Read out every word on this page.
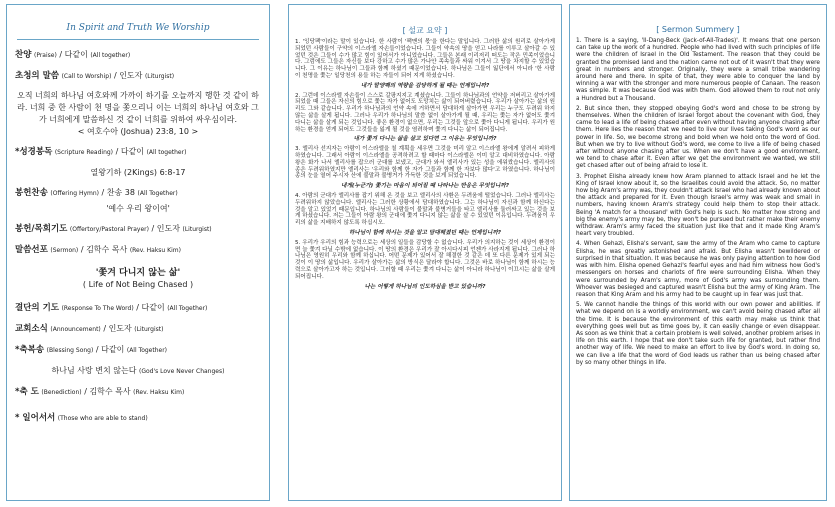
In Spirit and Truth We Worship
찬양 (Praise) / 다같이 (All together)
초청의 말씀 (Call to Worship) / 인도자 (Liturgist)
오직 너희의 하나님 여호와께 가까이 하기를 오늘까지 행한 것 같이 하라. 너희 중 한 사람이 천 명을 쫓으리니 이는 너희의 하나님 여호와 그가 너희에게 말씀하신 것 같이 너희를 위하여 싸우심이라.
< 여호수아 (Joshua) 23:8, 10 >
*성경봉독 (Scripture Reading) / 다같이 (All together)
열왕기하 (2Kings) 6:8-17
봉헌찬송 (Offering Hymn) / 찬송 38 (All Together)
'예수 우리 왕이여'
봉헌/목회기도 (Offertory/Pastoral Prayer) / 인도자 (Liturgist)
말씀선포 (Sermon) / 김학수 목사 (Rev. Haksu Kim)
'쫓겨 다니지 않는 삶'
( Life of Not Being Chased )
결단의 기도 (Response To The Word) / 다같이 (All Together)
교회소식 (Announcement) / 인도자 (Liturgist)
*축복송 (Blessing Song) / 다같이 (All Together)
하나님 사랑 변치 않는다 (God's Love Never Changes)
*축 도 (Benediction) / 김학수 목사 (Rev. Haksu Kim)
* 일어서서 (Those who are able to stand)
[ 설교 요약 ]

1. '잉당팩'이라는 말이 있습니다. 한 사람이 '팩맨의 몫'을 한다는 말입니다. 그러한 삶의 원리로 살아가게 되었던 사람들이 구약의 이스라엘 자손들이었습니다. 그들이 약속의 땅을 얻고 나라를 이루고 살아갈 수 있었던 것은 그들이 수가 많고 힘이 있어서가 아니었습니다. 그들은 본래 이리저리 떠도는 작은 민족이었습니다. 그럼에도 그들은 자신들 보다 강하고 수가 많은 가나안 족속들과 싸워 이겨서 그 땅을 차지할 수 있었습니다. 그 이유는 하나님이 그들과 함께 하셨기 때문이었습니다. 하나님은 그들이 잃단에서 아니라 '한 사람이 천명을 쫓는' 일당천의 용들 하는 자들이 되어 지게 하셨습니다.

내가 말양팩의 역량을 감당하게 될 때는 언제입니까?

2. 그런데 이스라엘 자손들이 스스로 갈팡지지고 계셨습니다. 그들이 하나님과의 언약을 저버리고 살아가게 되었을 때 그들은 자신의 힘으로 쫓는 자가 없어도 도망치는 삶이 되어버렸습니다. 우리가 살아가는 삶의 원리도 그와 같습니다. 우리가 하나님과의 언약 속에 거하면서 담대하게 살아가면 우리는 누구도 두려워 하지 않는 삶을 살게 됩니다. 그러나 우리가 하나님의 말씀 없이 살아가게 될 때, 우리는 쫓는 자가 없어도 쫓겨 다니는 삶을 살게 되는 것입니다. 좋은 환경이 없으면, 우리는 그것들 앞으로 쫓아 다니게 됩니다. 우리가 원하는 환경을 얻게 되어도 그것들을 잃게 될 것을 염려하며 쫓겨 다니는 삶이 되어집니다.

내가 쫓겨 다니는 삶을 살고 있다면 그 이유는 무엇입니까?

3. 엘리사 선지자는 아람이 이스라엘을 칠 계획을 세우면 그것을 미리 알고 이스라엘 왕에게 알려서 피하게 하였습니다. 그래서 아람이 이스라엘을 공격하려고 할 때마다 이스라엘은 이미 알고 대비하였습니다. 아람 왕은 화가 나서 엘리사를 잡으러 군대를 보냈고, 군대가 와서 엘리사가 있는 성을 에워쌌습니다. 엘리사의 종은 두려워하였지만 엘리사는 '우리와 함께 한 자가 그들과 함께 한 자보다 많다'고 하였습니다. 하나님이 종의 눈을 열어 주시자 산에 불말과 불병거가 가득한 것을 보게 되었습니다.

내게(누군가) 쫓기는 마음이 되어질 때 나타나는 반응은 무엇입니까?

4. 아람의 군대가 엘리사를 잡기 위해 온 것을 보고 엘리사의 사환은 두려움에 떨었습니다. 그러나 엘리사는 두려워하지 않았습니다. 엘리사는 그러한 상황에서 담대하였습니다. 그는 하나님이 자신과 함께 하신다는 것을 알고 있었기 때문입니다. 하나님의 사람들이 불말과 불병거들을 타고 엘리사를 둘러싸고 있는 것을 보게 하셨습니다. 저는 그들이 아람 왕의 군대에 쫓겨 다니지 않는 삶을 살 수 있었던 이유입니다. 두려움이 우리의 삶을 지배하지 않도록 하십시오.

하나님이 함께 하시는 것을 알고 담대해졌던 때는 언제입니까?

5. 우리가 우리의 힘과 능력으로는 세상의 일들을 감당할 수 없습니다. 우리가 의지하는 것이 세상이 환경이면 늘 쫓겨 다닐 수밖에 없습니다. 이 땅의 환경은 우리가 잘 아시다시피 언젠가 사라지게 됩니다. 그러나 하나님은 영원히 우리와 함께 하십니다. 어떤 문제가 있어서 잘 해결한 것 같은 데 또 다른 문제가 있게 되는 것이 이 땅의 삶입니다. 우리가 살아가는 삶의 방식은 달라야 합니다. 그것은 바로 하나님이 함께 하시는 능력으로 살아가고자 하는 것입니다. 그러할 때 우리는 쫓겨 다니는 삶이 아니라 하나님이 이끄시는 삶을 살게 되어집니다.

나는 어떻게 하나님의 인도하심을 받고 있습니까?

[ Sermon Summery ]

1. There is a saying, 'Il-Dang-Beck (Jack-of-All-Trades)'. It means that one person can take up the work of a hundred. People who had lived with such principles of life were the children of Israel in the Old Testament. The reason that they could be granted the promised land and the nation came not out of it wasn't that they were great in numbers and stronger. Originally, they were a small tribe wandering around here and there. In spite of that, they were able to conquer the land by winning a war with the stronger and more numerous people of Canaan. The reason was simple. It was because God was with them. God allowed them to rout not only a Hundred but a Thousand.

2. But since then, they stopped obeying God's word and chose to be strong by themselves. When the children of Israel forgot about the covenant with God, they came to lead a life of being chased after even without having anyone chasing after them. Here lies the reason that we need to live our lives taking God's word as our power in life. So, we become strong and bold when we hold onto the word of God. But when we try to live without God's word, we come to live a life of being chased after without anyone chasing after us. When we don't have a good environment, we tend to chase after it. Even after we get the environment we wanted, we still get chased after out of being afraid to lose it.

3. Prophet Elisha already knew how Aram planned to attack Israel and he let the King of Israel know about it, so the Israelites could avoid the attack. So, no matter how big Aram's army was, they couldn't attack Israel who had already known about the attack and prepared for it. Even though Israel's army was weak and small in numbers, having known Aram's strategy could help them to stop their attack. Being 'A match for a thousand' with God's help is such. No matter how strong and big the enemy's army may be, they won't be pursued but rather make their enemy withdraw. Aram's army faced the situation just like that and it made King Aram's heart very troubled.

4. When Gehazi, Elisha's servant, saw the army of the Aram who came to capture Elisha, he was greatly astonished and afraid. But Elisha wasn't bewildered or surprised in that situation. It was because he was only paying attention to how God was with him. Elisha opened Gehazi's fearful eyes and had him witness how God's messengers on horses and chariots of fire were surrounding Elisha. When they were surrounded by Aram's army, more of God's army was surrounding them. Whoever was besieged and captured wasn't Elisha but the army of King Aram. The reason that King Aram and his army had to be caught up in fear was just that.

5. We cannot handle the things of this world with our own power and abilities. If what we depend on is a worldly environment, we can't avoid being chased after all the time. It is because the environment of this earth may make us think that everything goes well but as time goes by, it can easily change or even disappear. As soon as we think that a certain problem is well solved, another problem arises in life on this earth. I hope that we don't take such life for granted, but rather find another way of life. We need to make an effort to live by God's word. In doing so, we can live a life that the word of God leads us rather than us being chased after by so many other things in life.
